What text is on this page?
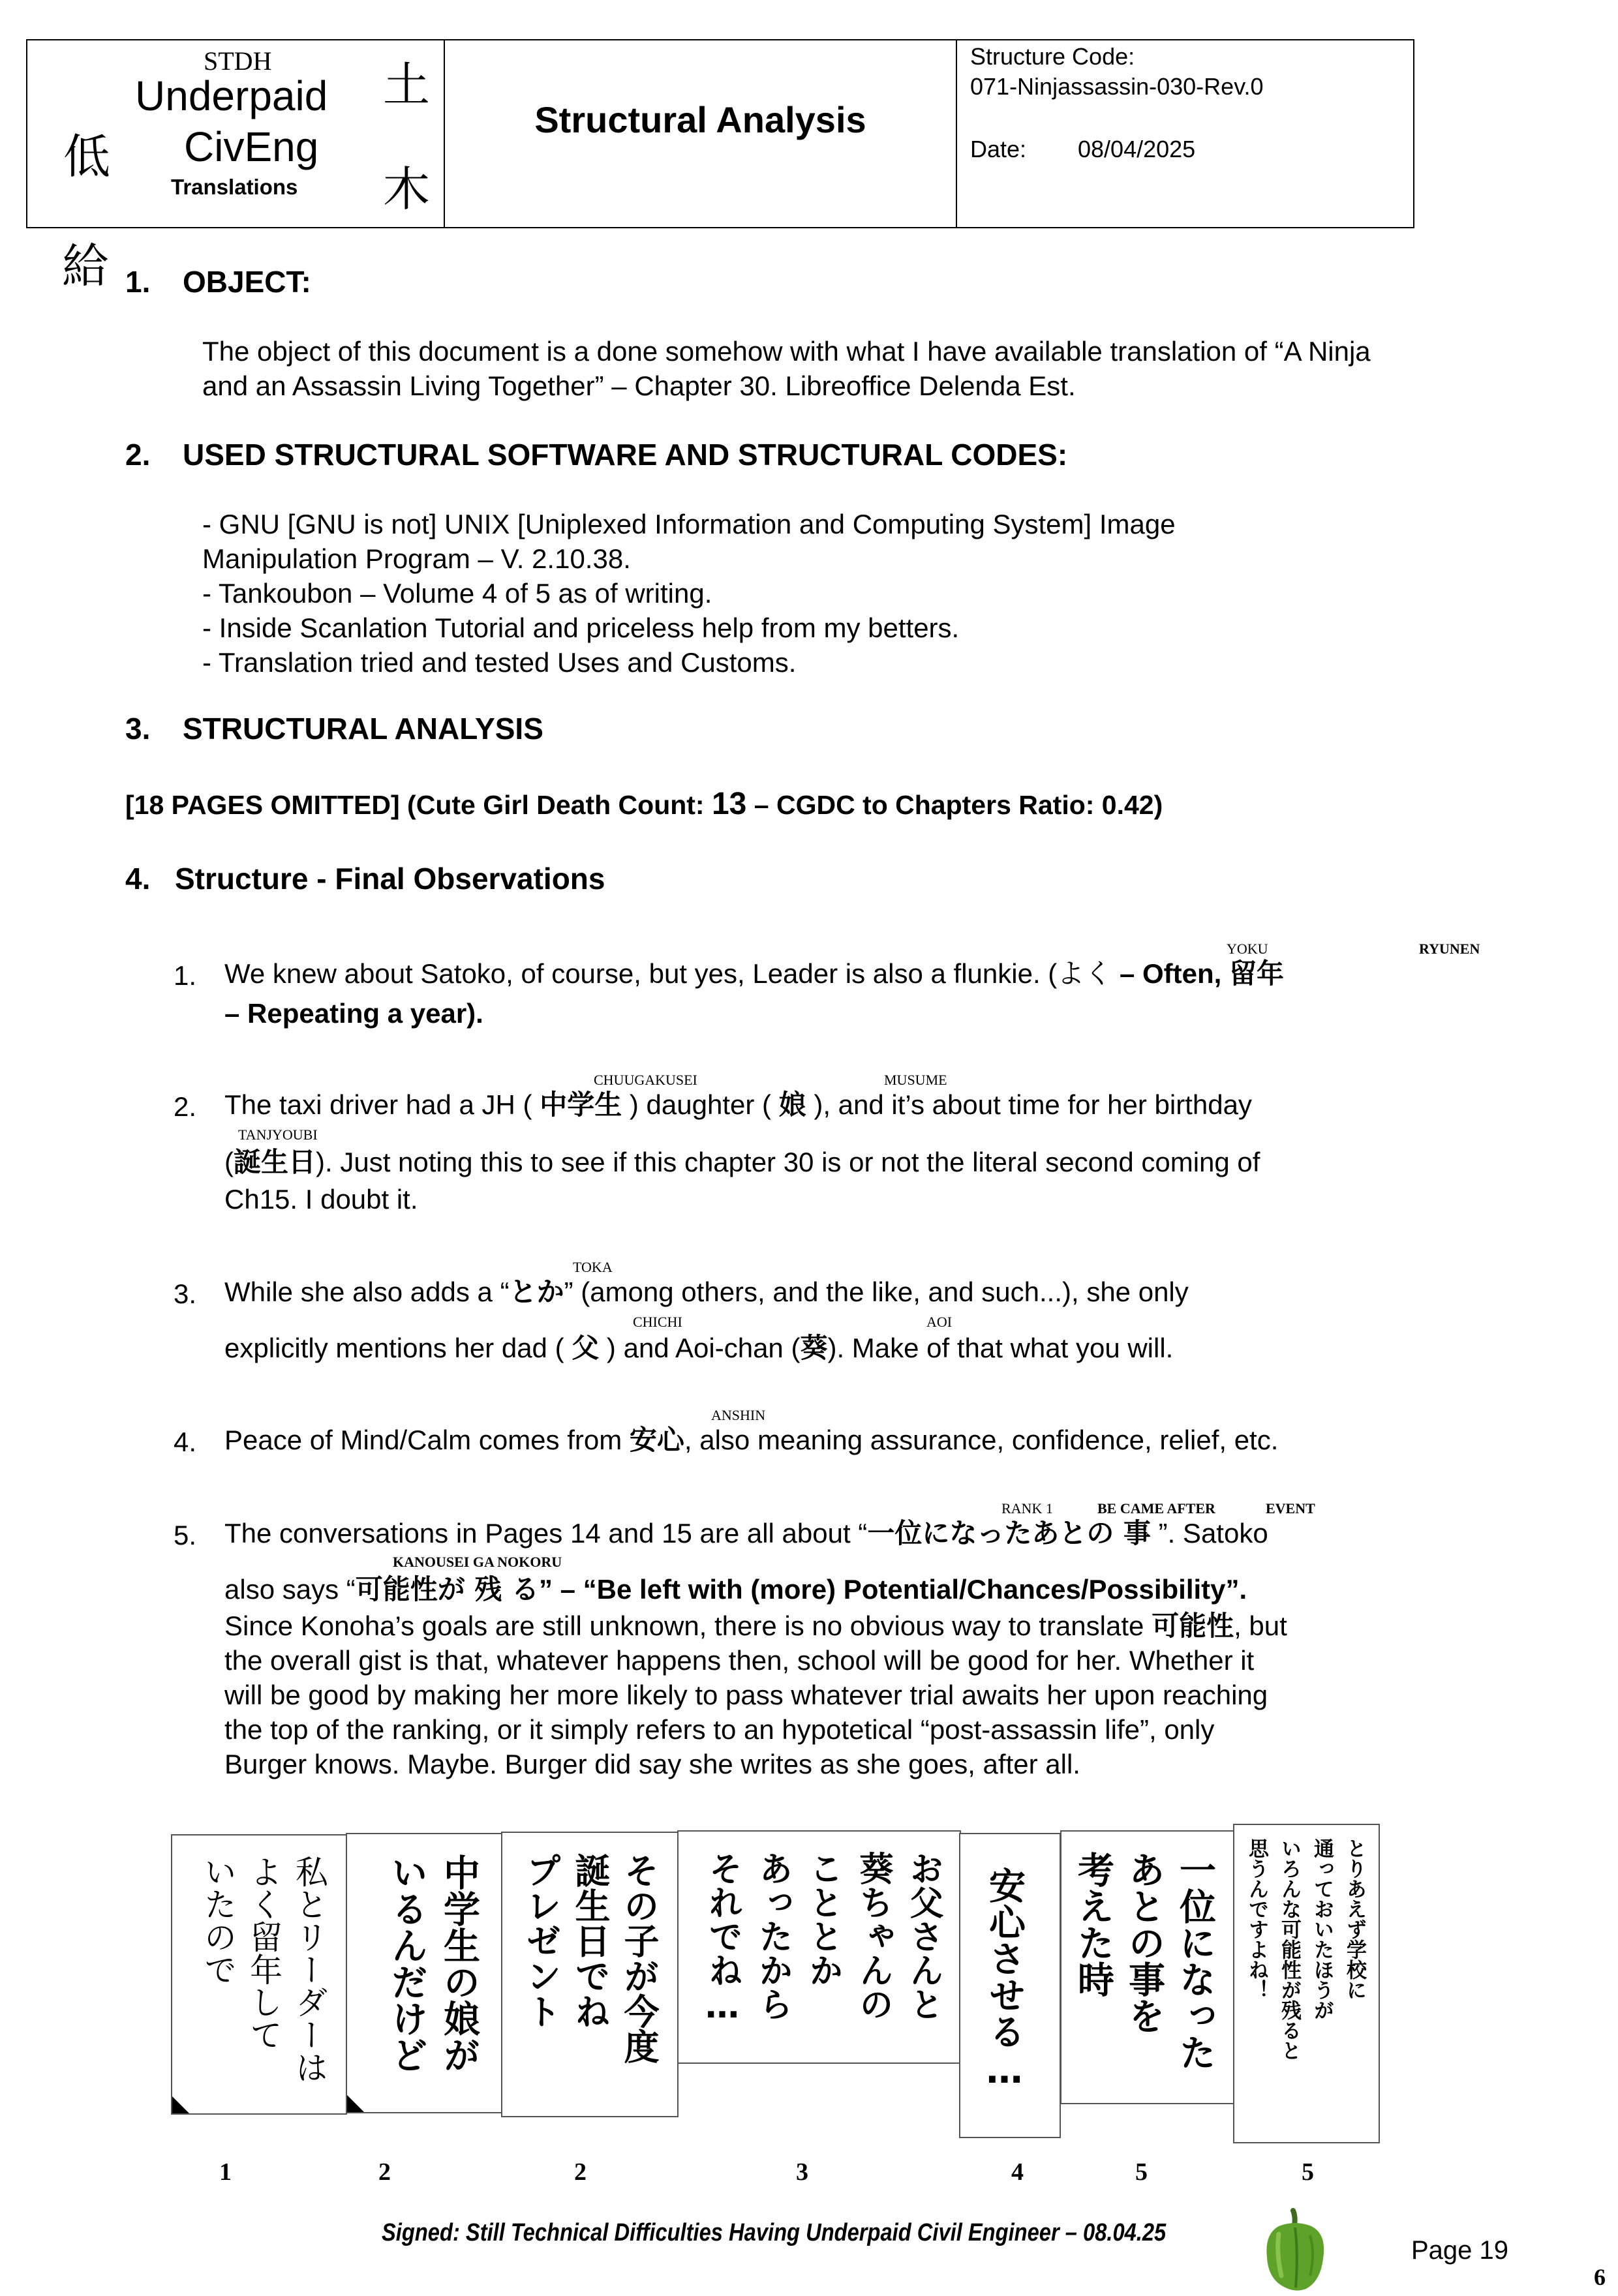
STDH
Underpaid
CivEng
Translations
低
土
木
Structural Analysis
Structure Code:
071-Ninjassassin-030-Rev.0
Date: 08/04/2025
給 1. OBJECT:
The object of this document is a done somehow with what I have available translation of “A Ninja
and an Assassin Living Together” – Chapter 30. Libreoffice Delenda Est.
2. USED STRUCTURAL SOFTWARE AND STRUCTURAL CODES:
- GNU [GNU is not] UNIX [Uniplexed Information and Computing System] Image
Manipulation Program – V. 2.10.38.
- Tankoubon – Volume 4 of 5 as of writing.
- Inside Scanlation Tutorial and priceless help from my betters.
- Translation tried and tested Uses and Customs.
3. STRUCTURAL ANALYSIS
[18 PAGES OMITTED] (Cute Girl Death Count: 13 – CGDC to Chapters Ratio: 0.42)
4. Structure - Final Observations
YOKU	RYUNEN
1. We knew about Satoko, of course, but yes, Leader is also a flunkie. (よく – Often, 留年
– Repeating a year).
CHUUGAKUSEI	MUSUME
2. The taxi driver had a JH ( 中学生 ) daughter ( 娘 ), and it’s about time for her birthday
TANJYOUBI
(誕生日). Just noting this to see if this chapter 30 is or not the literal second coming of
Ch15. I doubt it.
TOKA
3. While she also adds a “とか” (among others, and the like, and such...), she only
CHICHI	AOI
explicitly mentions her dad ( 父 ) and Aoi-chan (葵). Make of that what you will.
ANSHIN
4. Peace of Mind/Calm comes from 安心, also meaning assurance, confidence, relief, etc.
RANK 1	BE CAME AFTER	EVENT
5. The conversations in Pages 14 and 15 are all about “一位になったあとの 事 ”. Satoko
KANOUSEI GA NOKORU
also says “可能性が 残 る” – “Be left with (more) Potential/Chances/Possibility”.
Since Konoha’s goals are still unknown, there is no obvious way to translate 可能性, but
the overall gist is that, whatever happens then, school will be good for her. Whether it
will be good by making her more likely to pass whatever trial awaits her upon reaching
the top of the ranking, or it simply refers to an hypotetical “post-assassin life”, only
Burger knows. Maybe. Burger did say she writes as she goes, after all.
私とリーダーは
よく留年して
いたので	中学生の娘が
いるんだけど	その子が今度
誕生日でね
プレゼント	お父さんと
葵ちゃんの
こととか
あったから
それでね…	安心させる…	一位になった
あとの事を
考えた時	とりあえず学校に
通っておいたほうが
いろんな可能性が残ると
思うんですよね！
1	2	2	3	4	5	5
Signed: Still Technical Difficulties Having Underpaid Civil Engineer – 08.04.25
Page 19
6
